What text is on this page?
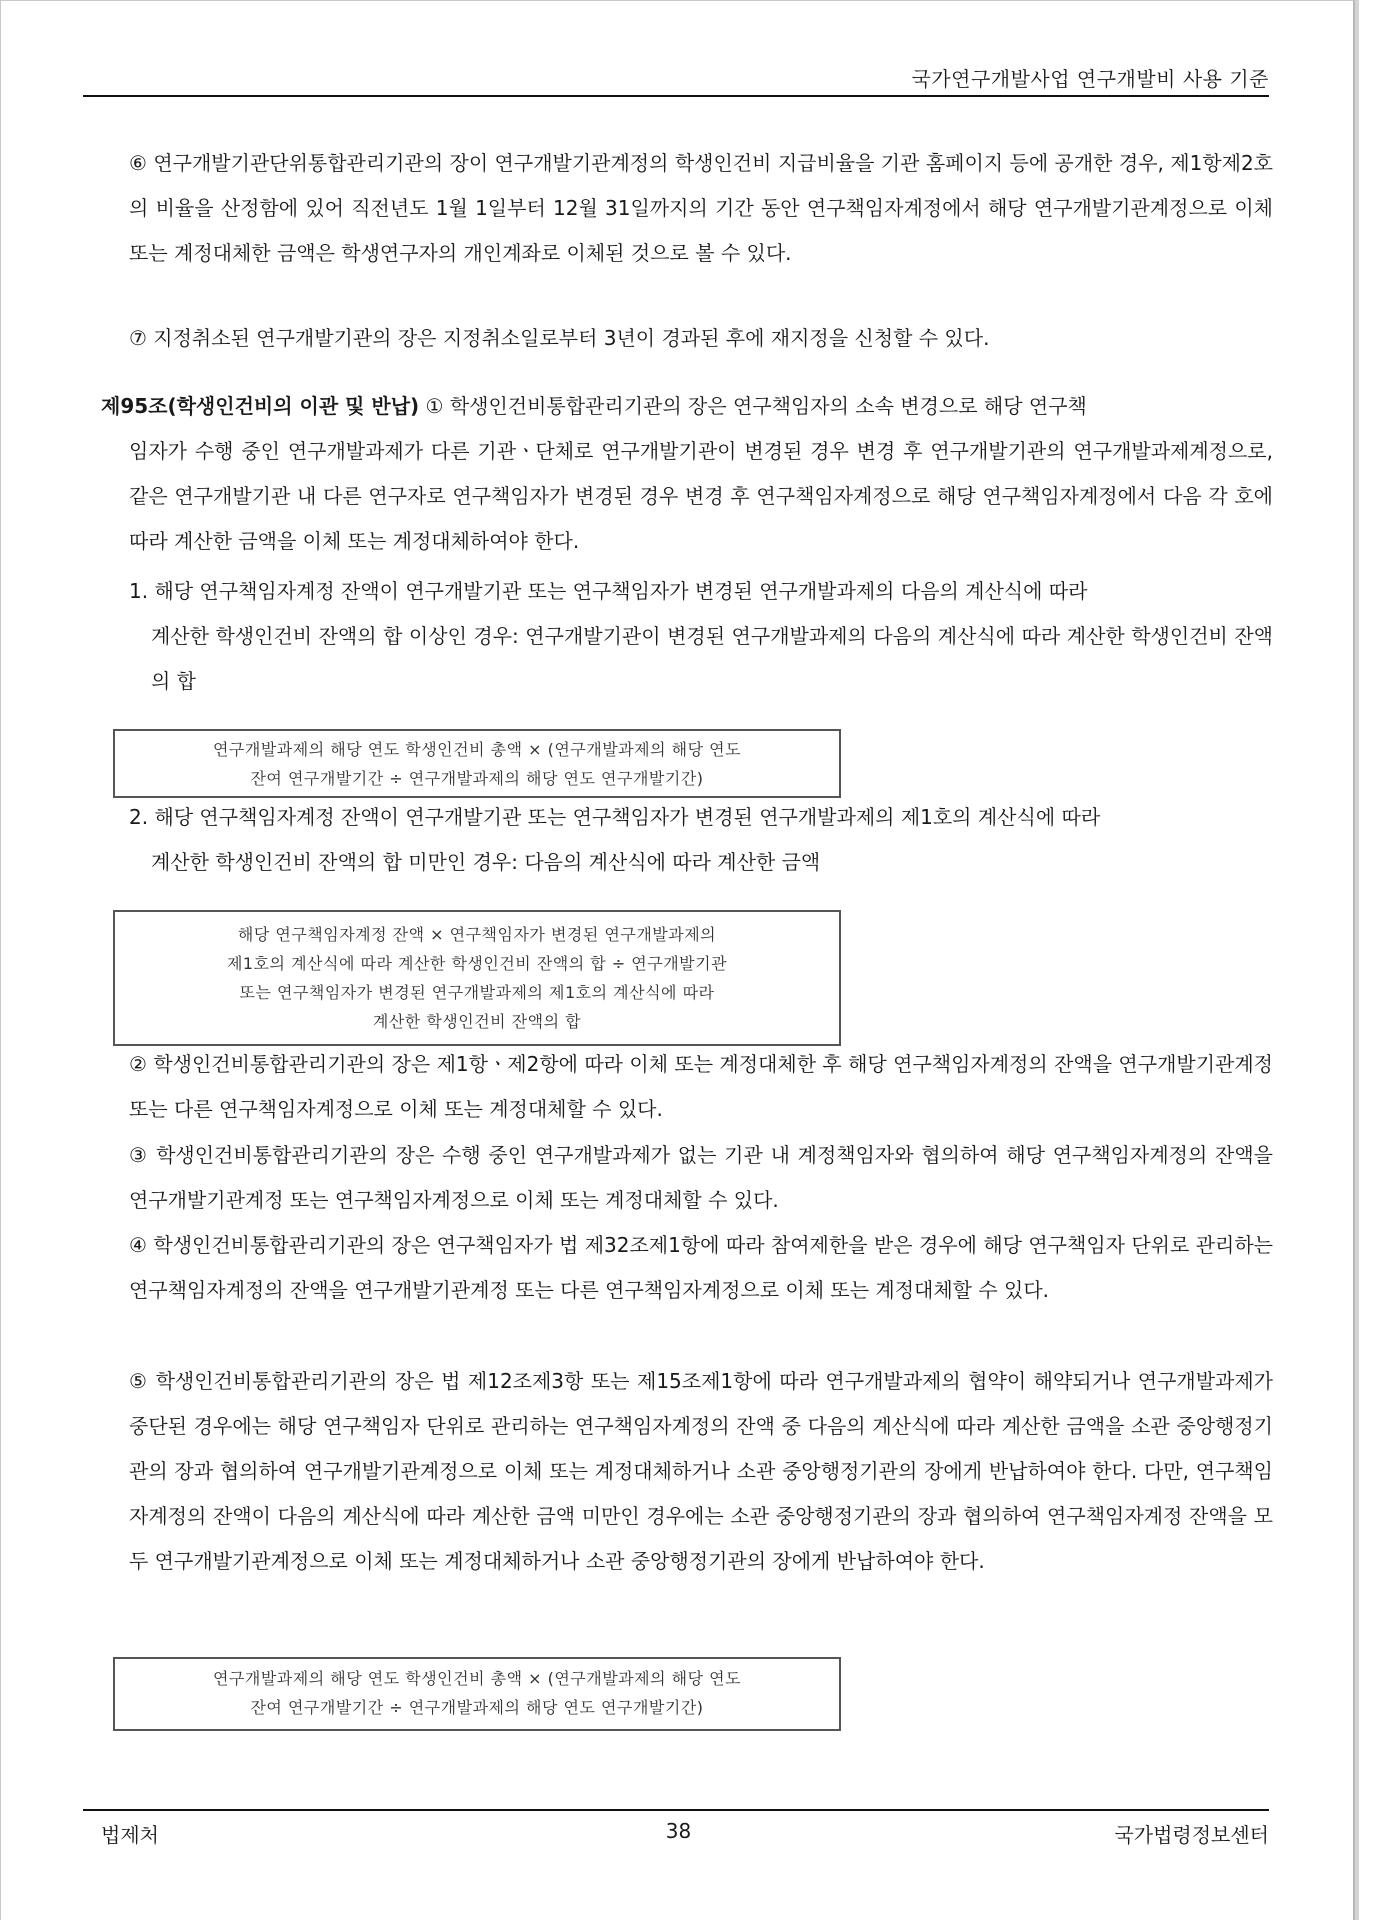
국가연구개발사업 연구개발비 사용 기준
⑥ 연구개발기관단위통합관리기관의 장이 연구개발기관계정의 학생인건비 지급비율을 기관 홈페이지 등에 공개한 경우, 제1항제2호의 비율을 산정함에 있어 직전년도 1월 1일부터 12월 31일까지의 기간 동안 연구책임자계정에서 해당 연구개발기관계정으로 이체 또는 계정대체한 금액은 학생연구자의 개인계좌로 이체된 것으로 볼 수 있다.
⑦ 지정취소된 연구개발기관의 장은 지정취소일로부터 3년이 경과된 후에 재지정을 신청할 수 있다.
제95조(학생인건비의 이관 및 반납) ① 학생인건비통합관리기관의 장은 연구책임자의 소속 변경으로 해당 연구책
임자가 수행 중인 연구개발과제가 다른 기관ㆍ단체로 연구개발기관이 변경된 경우 변경 후 연구개발기관의 연구개발과제계정으로, 같은 연구개발기관 내 다른 연구자로 연구책임자가 변경된 경우 변경 후 연구책임자계정으로 해당 연구책임자계정에서 다음 각 호에 따라 계산한 금액을 이체 또는 계정대체하여야 한다.
1. 해당 연구책임자계정 잔액이 연구개발기관 또는 연구책임자가 변경된 연구개발과제의 다음의 계산식에 따라
계산한 학생인건비 잔액의 합 이상인 경우: 연구개발기관이 변경된 연구개발과제의 다음의 계산식에 따라 계산한 학생인건비 잔액의 합
연구개발과제의 해당 연도 학생인건비 총액 × (연구개발과제의 해당 연도
잔여 연구개발기간 ÷ 연구개발과제의 해당 연도 연구개발기간)
2. 해당 연구책임자계정 잔액이 연구개발기관 또는 연구책임자가 변경된 연구개발과제의 제1호의 계산식에 따라
계산한 학생인건비 잔액의 합 미만인 경우: 다음의 계산식에 따라 계산한 금액
해당 연구책임자계정 잔액 × 연구책임자가 변경된 연구개발과제의
제1호의 계산식에 따라 계산한 학생인건비 잔액의 합 ÷ 연구개발기관
또는 연구책임자가 변경된 연구개발과제의 제1호의 계산식에 따라
계산한 학생인건비 잔액의 합
② 학생인건비통합관리기관의 장은 제1항ㆍ제2항에 따라 이체 또는 계정대체한 후 해당 연구책임자계정의 잔액을 연구개발기관계정 또는 다른 연구책임자계정으로 이체 또는 계정대체할 수 있다.
③ 학생인건비통합관리기관의 장은 수행 중인 연구개발과제가 없는 기관 내 계정책임자와 협의하여 해당 연구책임자계정의 잔액을 연구개발기관계정 또는 연구책임자계정으로 이체 또는 계정대체할 수 있다.
④ 학생인건비통합관리기관의 장은 연구책임자가 법 제32조제1항에 따라 참여제한을 받은 경우에 해당 연구책임자 단위로 관리하는 연구책임자계정의 잔액을 연구개발기관계정 또는 다른 연구책임자계정으로 이체 또는 계정대체할 수 있다.
⑤ 학생인건비통합관리기관의 장은 법 제12조제3항 또는 제15조제1항에 따라 연구개발과제의 협약이 해약되거나 연구개발과제가 중단된 경우에는 해당 연구책임자 단위로 관리하는 연구책임자계정의 잔액 중 다음의 계산식에 따라 계산한 금액을 소관 중앙행정기관의 장과 협의하여 연구개발기관계정으로 이체 또는 계정대체하거나 소관 중앙행정기관의 장에게 반납하여야 한다. 다만, 연구책임자계정의 잔액이 다음의 계산식에 따라 계산한 금액 미만인 경우에는 소관 중앙행정기관의 장과 협의하여 연구책임자계정 잔액을 모두 연구개발기관계정으로 이체 또는 계정대체하거나 소관 중앙행정기관의 장에게 반납하여야 한다.
연구개발과제의 해당 연도 학생인건비 총액 × (연구개발과제의 해당 연도
잔여 연구개발기간 ÷ 연구개발과제의 해당 연도 연구개발기간)
법제처	38	국가법령정보센터
